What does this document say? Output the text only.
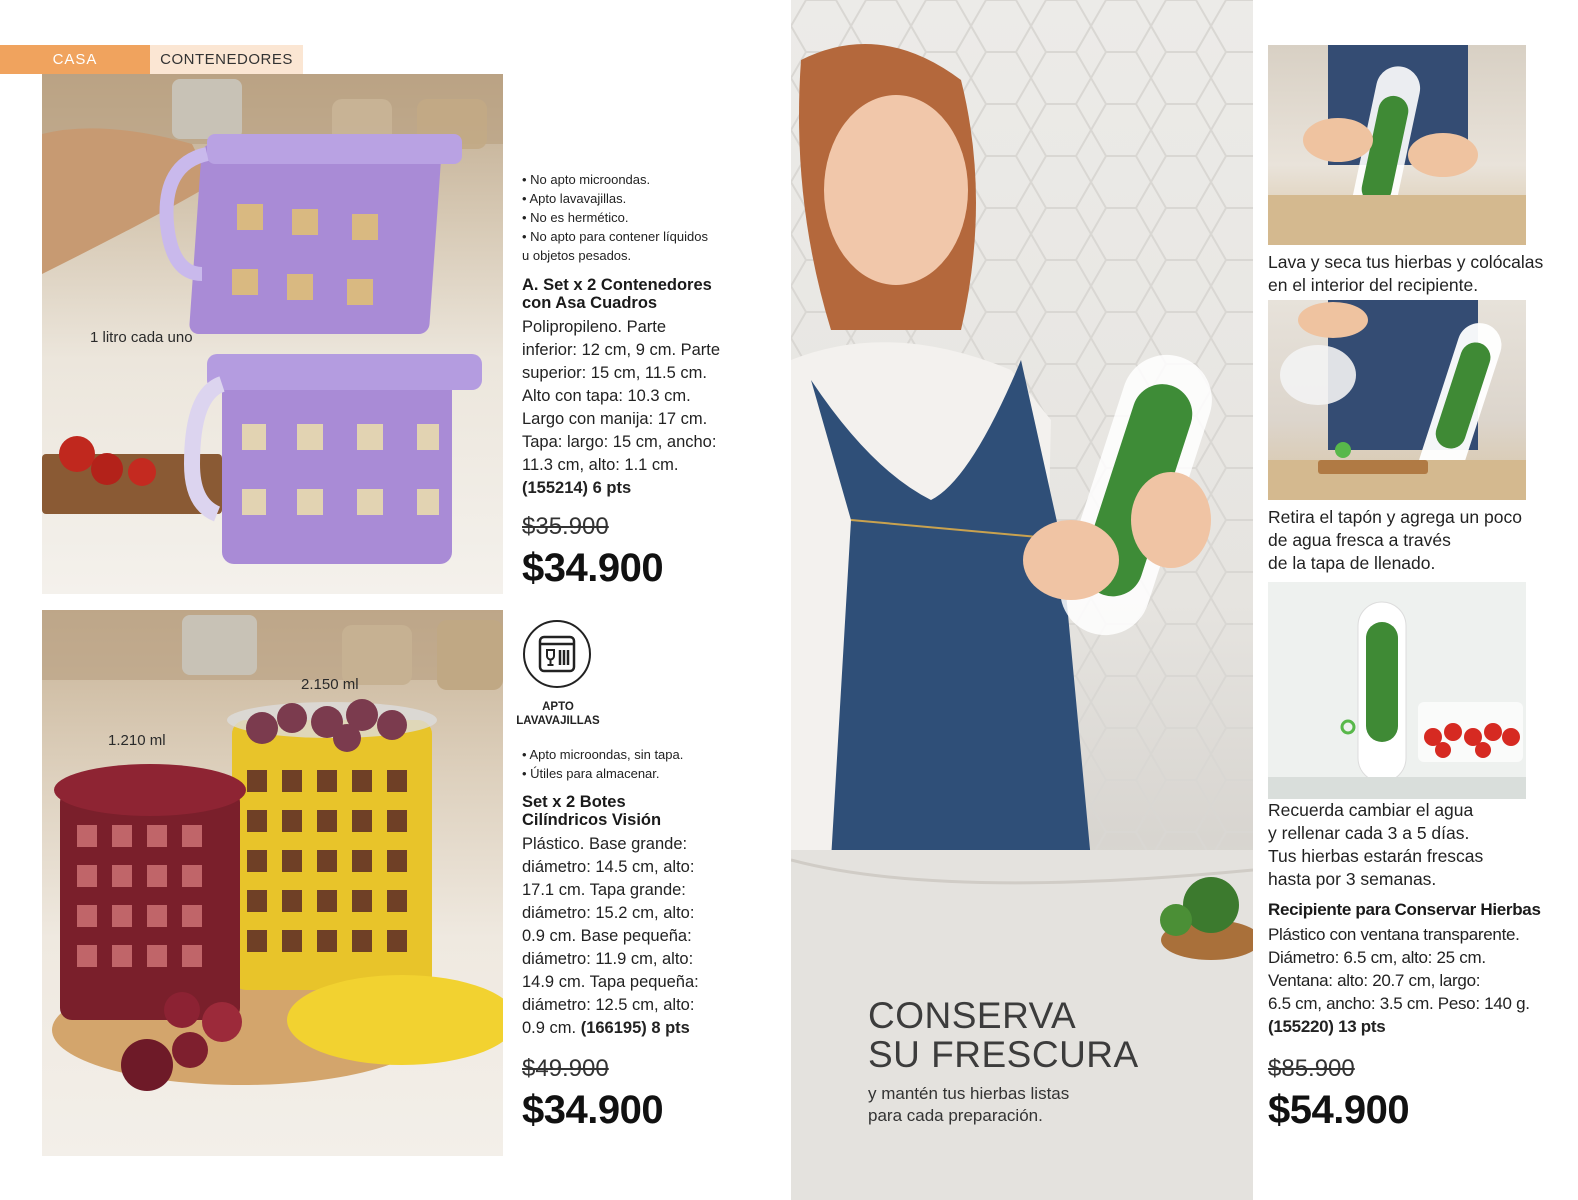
CASA	CONTENEDORES
1 litro cada uno
• No apto microondas.
• Apto lavavajillas.
• No es hermético.
• No apto para contener líquidos
u objetos pesados.
A. Set x 2 Contenedores
con Asa Cuadros
Polipropileno. Parte
inferior: 12 cm, 9 cm. Parte
superior: 15 cm, 11.5 cm.
Alto con tapa: 10.3 cm.
Largo con manija: 17 cm.
Tapa: largo: 15 cm, ancho:
11.3 cm, alto: 1.1 cm.
(155214) 6 pts
$35.900
$34.900
APTO
LAVAVAJILLAS
2.150 ml
1.210 ml
• Apto microondas, sin tapa.
• Útiles para almacenar.
Set x 2 Botes
Cilíndricos Visión
Plástico. Base grande:
diámetro: 14.5 cm, alto:
17.1 cm. Tapa grande:
diámetro: 15.2 cm, alto:
0.9 cm. Base pequeña:
diámetro: 11.9 cm, alto:
14.9 cm. Tapa pequeña:
diámetro: 12.5 cm, alto:
0.9 cm. (166195) 8 pts
$49.900
$34.900
CONSERVA
SU FRESCURA
y mantén tus hierbas listas
para cada preparación.
Lava y seca tus hierbas y colócalas
en el interior del recipiente.
Retira el tapón y agrega un poco
de agua fresca a través
de la tapa de llenado.
Recuerda cambiar el agua
y rellenar cada 3 a 5 días.
Tus hierbas estarán frescas
hasta por 3 semanas.
Recipiente para Conservar Hierbas
Plástico con ventana transparente.
Diámetro: 6.5 cm, alto: 25 cm.
Ventana: alto: 20.7 cm, largo:
6.5 cm, ancho: 3.5 cm. Peso: 140 g.
(155220) 13 pts
$85.900
$54.900
